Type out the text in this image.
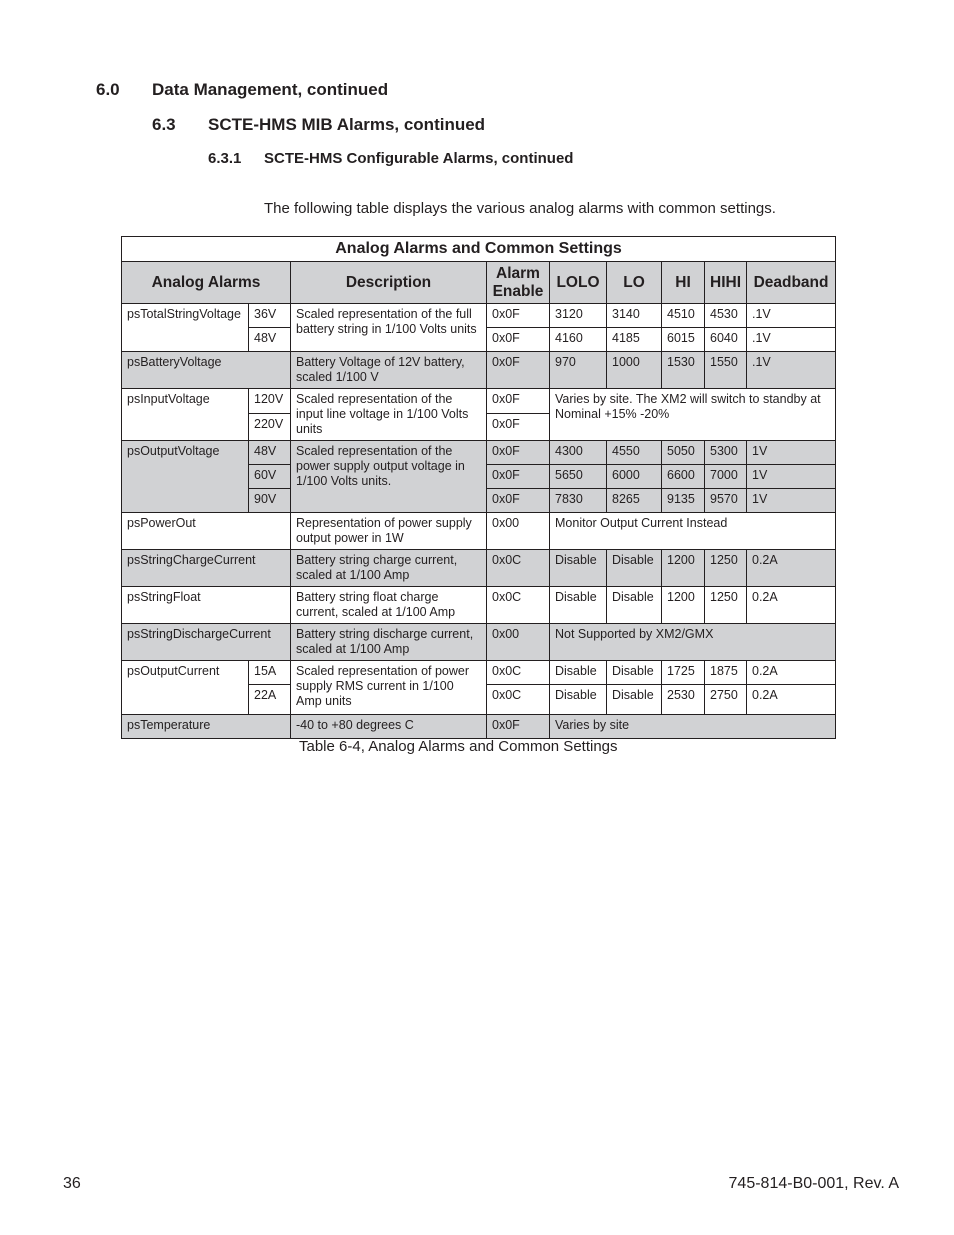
6.0 Data Management, continued
6.3 SCTE-HMS MIB Alarms, continued
6.3.1 SCTE-HMS Configurable Alarms, continued
The following table displays the various analog alarms with common settings.
Analog Alarms and Common Settings								
Analog Alarms		Description	Alarm Enable	LOLO	LO	HI	HIHI	Deadband
psTotalStringVoltage	36V	Scaled representation of the full battery string in 1/100 Volts units	0x0F	3120	3140	4510	4530	.1V
	48V		0x0F	4160	4185	6015	6040	.1V
psBatteryVoltage		Battery Voltage of 12V battery, scaled 1/100 V	0x0F	970	1000	1530	1550	.1V
psInputVoltage	120V	Scaled representation of the input line voltage in 1/100 Volts units	0x0F	Varies by site. The XM2 will switch to standby at Nominal +15% -20%				
	220V		0x0F					
psOutputVoltage	48V	Scaled representation of the power supply output voltage in 1/100 Volts units.	0x0F	4300	4550	5050	5300	1V
	60V		0x0F	5650	6000	6600	7000	1V
	90V		0x0F	7830	8265	9135	9570	1V
psPowerOut		Representation of power supply output power in 1W	0x00	Monitor Output Current Instead				
psStringChargeCurrent		Battery string charge current, scaled at 1/100 Amp	0x0C	Disable	Disable	1200	1250	0.2A
psStringFloat		Battery string float charge current, scaled at 1/100 Amp	0x0C	Disable	Disable	1200	1250	0.2A
psStringDischargeCurrent		Battery string discharge current, scaled at 1/100 Amp	0x00	Not Supported by XM2/GMX				
psOutputCurrent	15A	Scaled representation of power supply RMS current in 1/100 Amp units	0x0C	Disable	Disable	1725	1875	0.2A
	22A		0x0C	Disable	Disable	2530	2750	0.2A
psTemperature		-40 to +80 degrees C	0x0F	Varies by site				
Table 6-4, Analog Alarms and Common Settings
36	745-814-B0-001, Rev. A
